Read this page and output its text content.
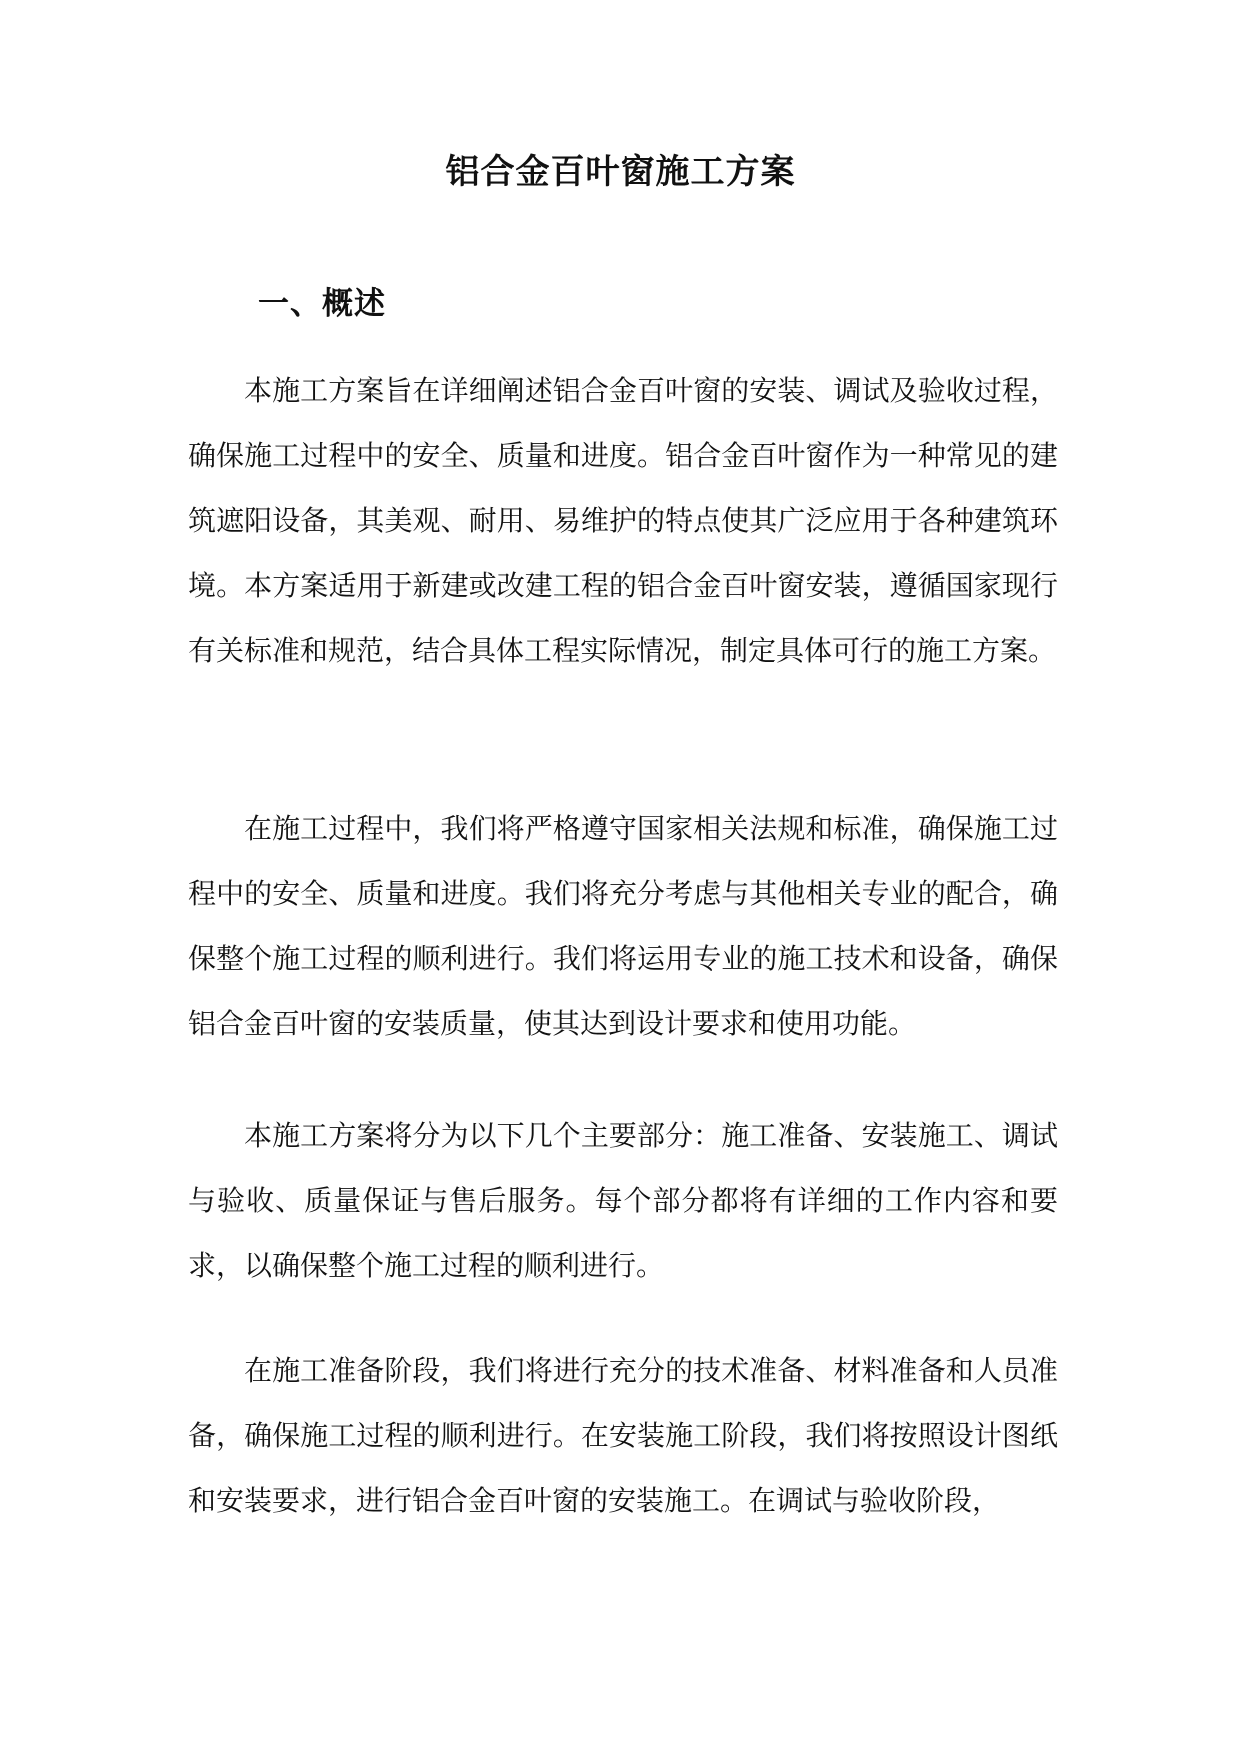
铝合金百叶窗施工方案
一、概述

本施工方案旨在详细阐述铝合金百叶窗的安装、调试及验收过程，确保施工过程中的安全、质量和进度。铝合金百叶窗作为一种常见的建筑遮阳设备，其美观、耐用、易维护的特点使其广泛应用于各种建筑环境。本方案适用于新建或改建工程的铝合金百叶窗安装，遵循国家现行有关标准和规范，结合具体工程实际情况，制定具体可行的施工方案。

在施工过程中，我们将严格遵守国家相关法规和标准，确保施工过程中的安全、质量和进度。我们将充分考虑与其他相关专业的配合，确保整个施工过程的顺利进行。我们将运用专业的施工技术和设备，确保铝合金百叶窗的安装质量，使其达到设计要求和使用功能。

本施工方案将分为以下几个主要部分：施工准备、安装施工、调试与验收、质量保证与售后服务。每个部分都将有详细的工作内容和要求，以确保整个施工过程的顺利进行。

在施工准备阶段，我们将进行充分的技术准备、材料准备和人员准备，确保施工过程的顺利进行。在安装施工阶段，我们将按照设计图纸和安装要求，进行铝合金百叶窗的安装施工。在调试与验收阶段，
